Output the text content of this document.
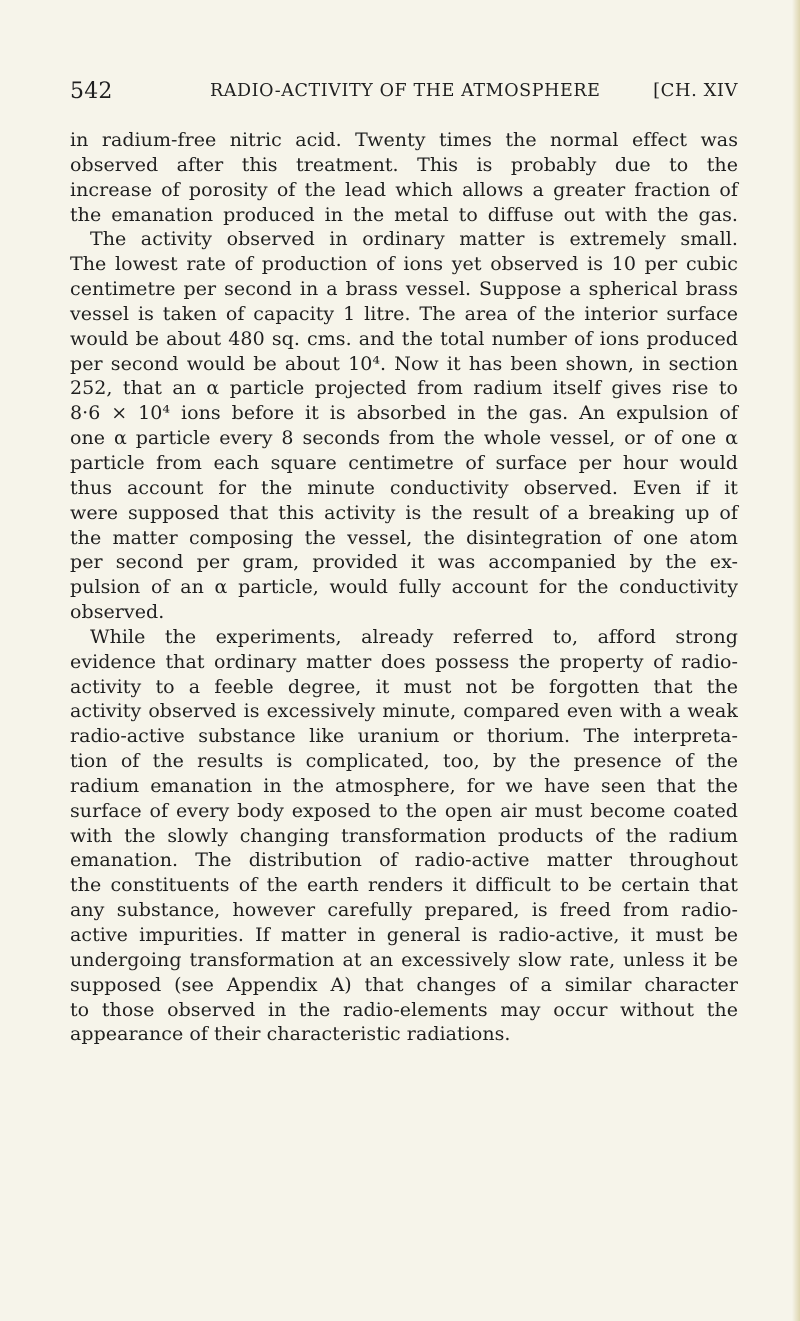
542	RADIO-ACTIVITY OF THE ATMOSPHERE	[CH. XIV
in radium-free nitric acid. Twenty times the normal effect was
observed after this treatment. This is probably due to the
increase of porosity of the lead which allows a greater fraction of
the emanation produced in the metal to diffuse out with the gas.
The activity observed in ordinary matter is extremely small.
The lowest rate of production of ions yet observed is 10 per cubic
centimetre per second in a brass vessel. Suppose a spherical brass
vessel is taken of capacity 1 litre. The area of the interior surface
would be about 480 sq. cms. and the total number of ions produced
per second would be about 10⁴. Now it has been shown, in section
252, that an α particle projected from radium itself gives rise to
8·6 × 10⁴ ions before it is absorbed in the gas. An expulsion of
one α particle every 8 seconds from the whole vessel, or of one α
particle from each square centimetre of surface per hour would
thus account for the minute conductivity observed. Even if it
were supposed that this activity is the result of a breaking up of
the matter composing the vessel, the disintegration of one atom
per second per gram, provided it was accompanied by the ex-
pulsion of an α particle, would fully account for the conductivity
observed.
While the experiments, already referred to, afford strong
evidence that ordinary matter does possess the property of radio-
activity to a feeble degree, it must not be forgotten that the
activity observed is excessively minute, compared even with a weak
radio-active substance like uranium or thorium. The interpreta-
tion of the results is complicated, too, by the presence of the
radium emanation in the atmosphere, for we have seen that the
surface of every body exposed to the open air must become coated
with the slowly changing transformation products of the radium
emanation. The distribution of radio-active matter throughout
the constituents of the earth renders it difficult to be certain that
any substance, however carefully prepared, is freed from radio-
active impurities. If matter in general is radio-active, it must be
undergoing transformation at an excessively slow rate, unless it be
supposed (see Appendix A) that changes of a similar character
to those observed in the radio-elements may occur without the
appearance of their characteristic radiations.
